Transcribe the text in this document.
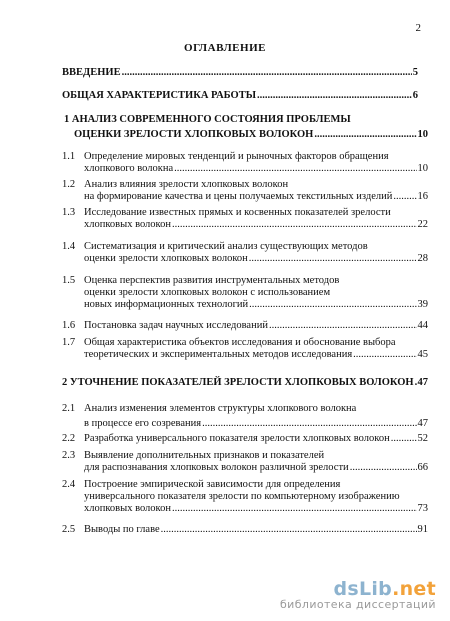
2
ОГЛАВЛЕНИЕ
ВВЕДЕНИЕ .....	5
ОБЩАЯ ХАРАКТЕРИСТИКА РАБОТЫ .....	6
1 АНАЛИЗ СОВРЕМЕННОГО СОСТОЯНИЯ ПРОБЛЕМЫ
ОЦЕНКИ ЗРЕЛОСТИ ХЛОПКОВЫХ ВОЛОКОН .....	10
1.1 Определение мировых тенденций и рыночных факторов обращения
хлопкового волокна .....	10
1.2 Анализ влияния зрелости хлопковых волокон
на формирование качества и цены получаемых текстильных изделий ..... 16
1.3 Исследование известных прямых и косвенных показателей зрелости
хлопковых волокон .....	22
1.4 Систематизация и критический анализ существующих методов
оценки зрелости хлопковых волокон .....	28
1.5 Оценка перспектив развития инструментальных методов
оценки зрелости хлопковых волокон с использованием
новых информационных технологий .....	39
1.6 Постановка задач научных исследований .....	44
1.7 Общая характеристика объектов исследования и обоснование выбора
теоретических и экспериментальных методов исследования .....	45
2 УТОЧНЕНИЕ ПОКАЗАТЕЛЕЙ ЗРЕЛОСТИ ХЛОПКОВЫХ ВОЛОКОН ..... 47
2.1 Анализ изменения элементов структуры хлопкового волокна
в процессе его созревания .....	47
2.2 Разработка универсального показателя зрелости хлопковых волокон .....	52
2.3 Выявление дополнительных признаков и показателей
для распознавания хлопковых волокон различной зрелости .....	66
2.4 Построение эмпирической зависимости для определения
универсального показателя зрелости по компьютерному изображению
хлопковых волокон .....	73
2.5 Выводы по главе .....	91
dsLib.net
библиотека диссертаций
